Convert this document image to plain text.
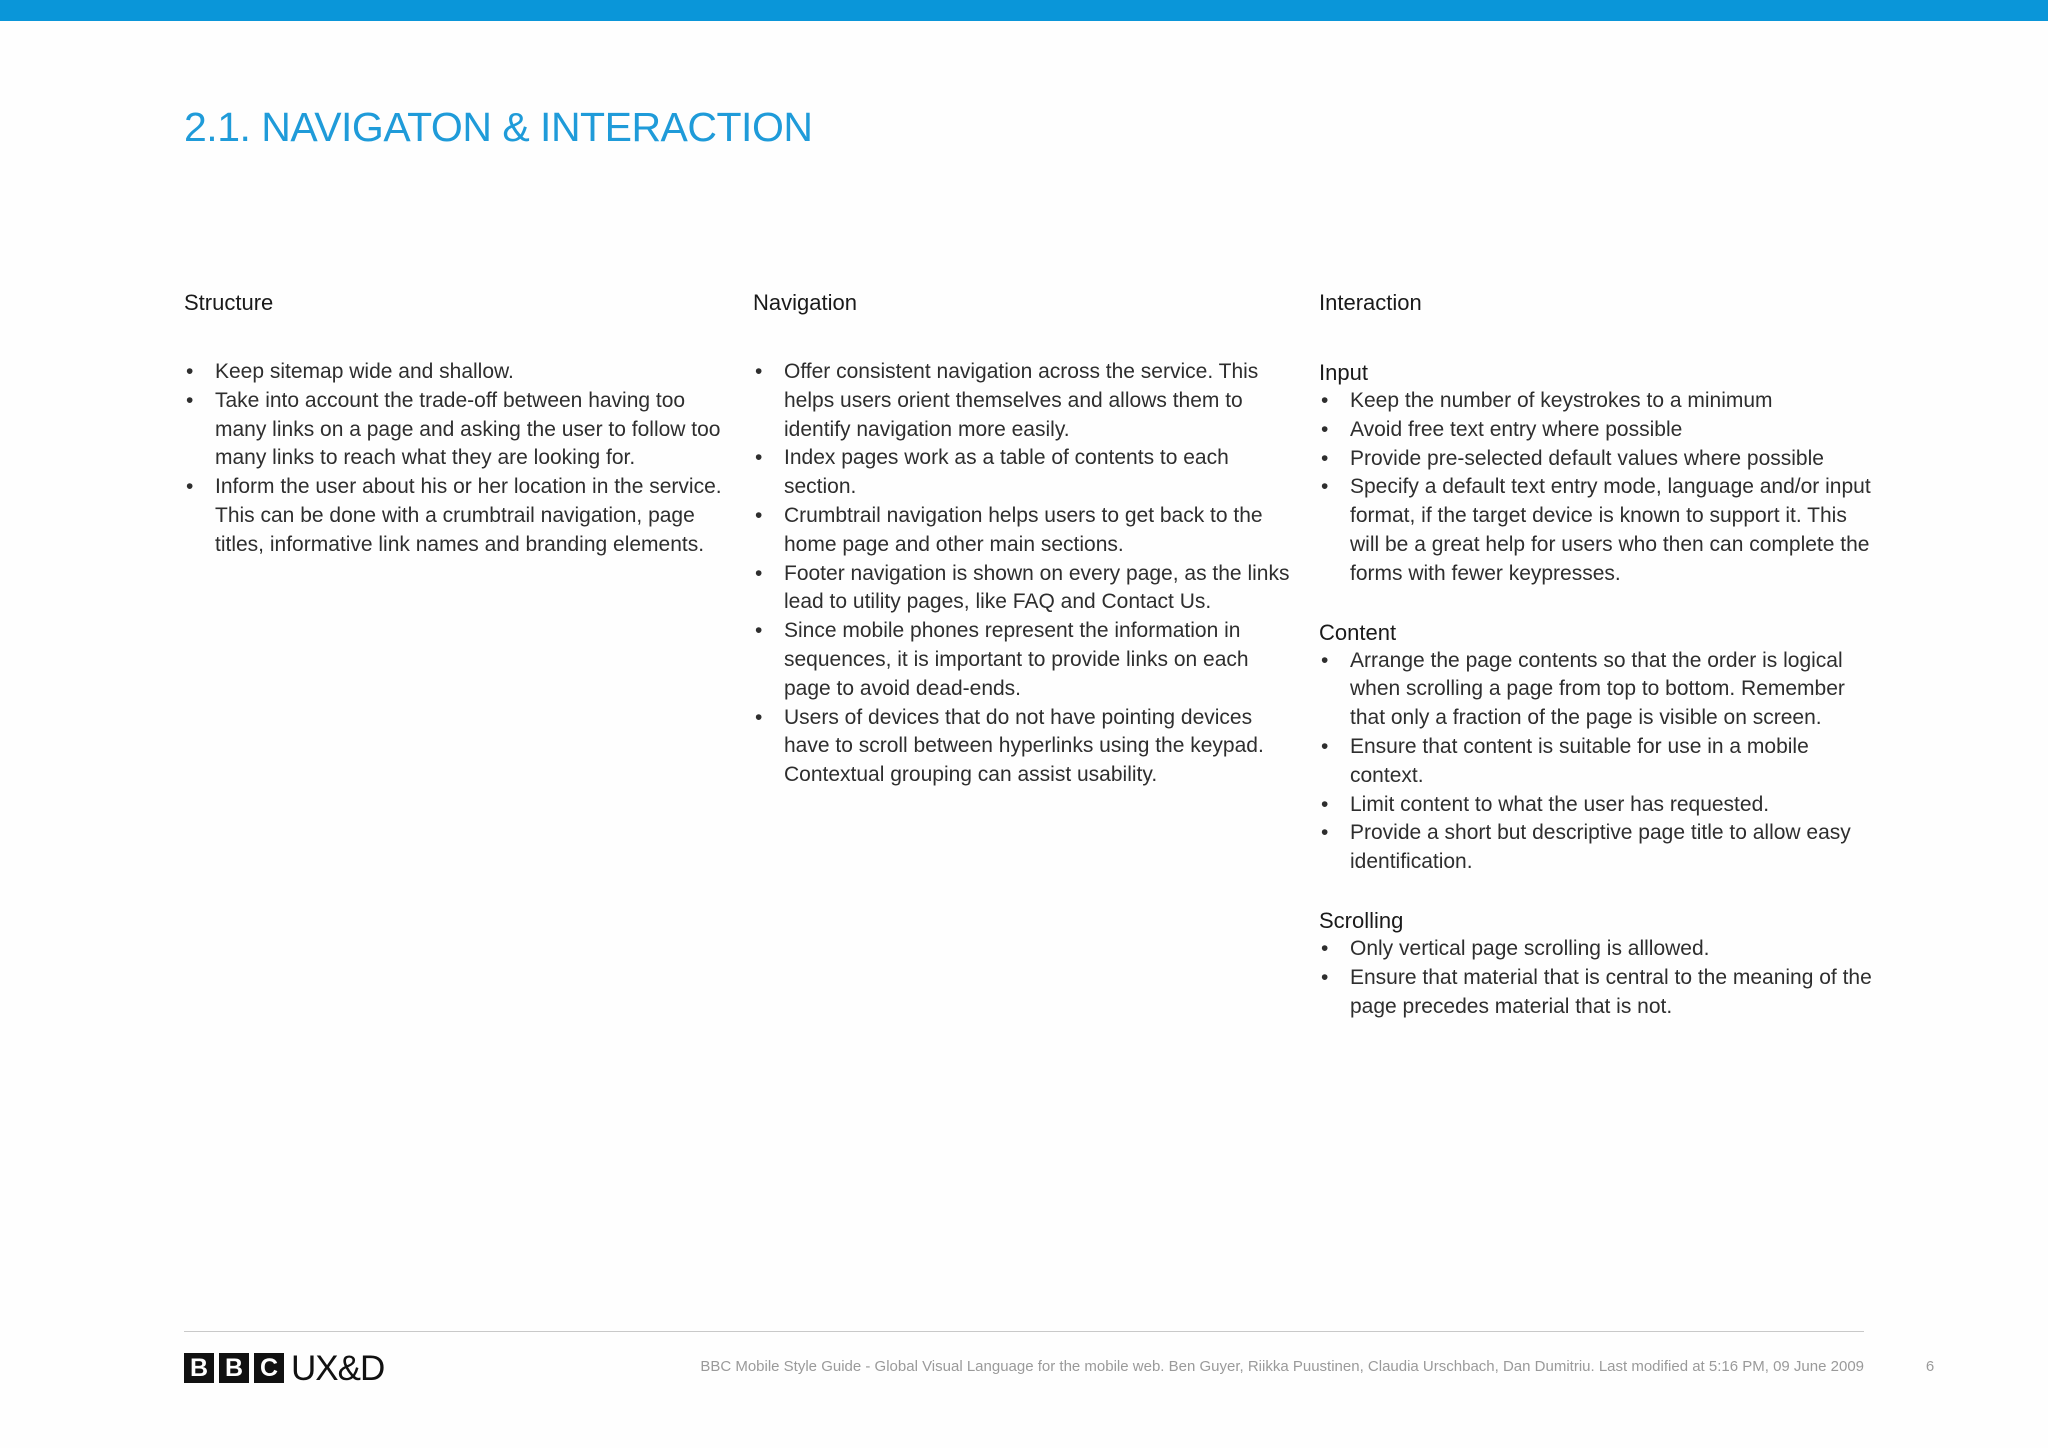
2.1. NAVIGATON & INTERACTION
Structure
• Keep sitemap wide and shallow.
• Take into account the trade-off between having too many links on a page and asking the user to follow too many links to reach what they are looking for.
• Inform the user about his or her location in the service. This can be done with a crumbtrail navigation, page titles, informative link names and branding elements.
Navigation
• Offer consistent navigation across the service. This helps users orient themselves and allows them to identify navigation more easily.
• Index pages work as a table of contents to each section.
• Crumbtrail navigation helps users to get back to the home page and other main sections.
• Footer navigation is shown on every page, as the links lead to utility pages, like FAQ and Contact Us.
• Since mobile phones represent the information in sequences, it is important to provide links on each page to avoid dead-ends.
• Users of devices that do not have pointing devices have to scroll between hyperlinks using the keypad. Contextual grouping can assist usability.
Interaction
Input
• Keep the number of keystrokes to a minimum
• Avoid free text entry where possible
• Provide pre-selected default values where possible
• Specify a default text entry mode, language and/or input format, if the target device is known to support it. This will be a great help for users who then can complete the forms with fewer keypresses.
Content
• Arrange the page contents so that the order is logical when scrolling a page from top to bottom. Remember that only a fraction of the page is visible on screen.
• Ensure that content is suitable for use in a mobile context.
• Limit content to what the user has requested.
• Provide a short but descriptive page title to allow easy identification.
Scrolling
• Only vertical page scrolling is alllowed.
• Ensure that material that is central to the meaning of the page precedes material that is not.
B B C UX&D	BBC Mobile Style Guide - Global Visual Language for the mobile web. Ben Guyer, Riikka Puustinen, Claudia Urschbach, Dan Dumitriu. Last modified at 5:16 PM, 09 June 2009	6
